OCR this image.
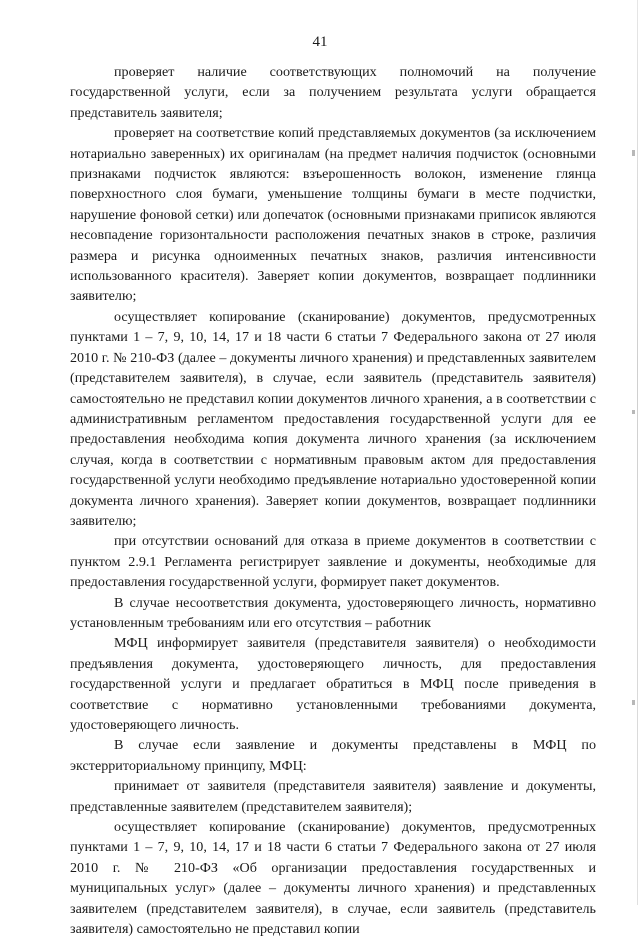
41

проверяет наличие соответствующих полномочий на получение государственной услуги, если за получением результата услуги обращается представитель заявителя;

проверяет на соответствие копий представляемых документов (за исключением нотариально заверенных) их оригиналам (на предмет наличия подчисток (основными признаками подчисток являются: взъерошенность волокон, изменение глянца поверхностного слоя бумаги, уменьшение толщины бумаги в месте подчистки, нарушение фоновой сетки) или допечаток (основными признаками приписок являются несовпадение горизонтальности расположения печатных знаков в строке, различия размера и рисунка одноименных печатных знаков, различия интенсивности использованного красителя). Заверяет копии документов, возвращает подлинники заявителю;

осуществляет копирование (сканирование) документов, предусмотренных пунктами 1 – 7, 9, 10, 14, 17 и 18 части 6 статьи 7 Федерального закона от 27 июля 2010 г. № 210-ФЗ (далее – документы личного хранения) и представленных заявителем (представителем заявителя), в случае, если заявитель (представитель заявителя) самостоятельно не представил копии документов личного хранения, а в соответствии с административным регламентом предоставления государственной услуги для ее предоставления необходима копия документа личного хранения (за исключением случая, когда в соответствии с нормативным правовым актом для предоставления государственной услуги необходимо предъявление нотариально удостоверенной копии документа личного хранения). Заверяет копии документов, возвращает подлинники заявителю;

при отсутствии оснований для отказа в приеме документов в соответствии с пунктом 2.9.1 Регламента регистрирует заявление и документы, необходимые для предоставления государственной услуги, формирует пакет документов.

В случае несоответствия документа, удостоверяющего личность, нормативно установленным требованиям или его отсутствия – работник

МФЦ информирует заявителя (представителя заявителя) о необходимости предъявления документа, удостоверяющего личность, для предоставления государственной услуги и предлагает обратиться в МФЦ после приведения в соответствие с нормативно установленными требованиями документа, удостоверяющего личность.

В случае если заявление и документы представлены в МФЦ по экстерриториальному принципу, МФЦ:

принимает от заявителя (представителя заявителя) заявление и документы, представленные заявителем (представителем заявителя);

осуществляет копирование (сканирование) документов, предусмотренных пунктами 1 – 7, 9, 10, 14, 17 и 18 части 6 статьи 7 Федерального закона от 27 июля 2010 г. № 210-ФЗ «Об организации предоставления государственных и муниципальных услуг» (далее – документы личного хранения) и представленных заявителем (представителем заявителя), в случае, если заявитель (представитель заявителя) самостоятельно не представил копии
